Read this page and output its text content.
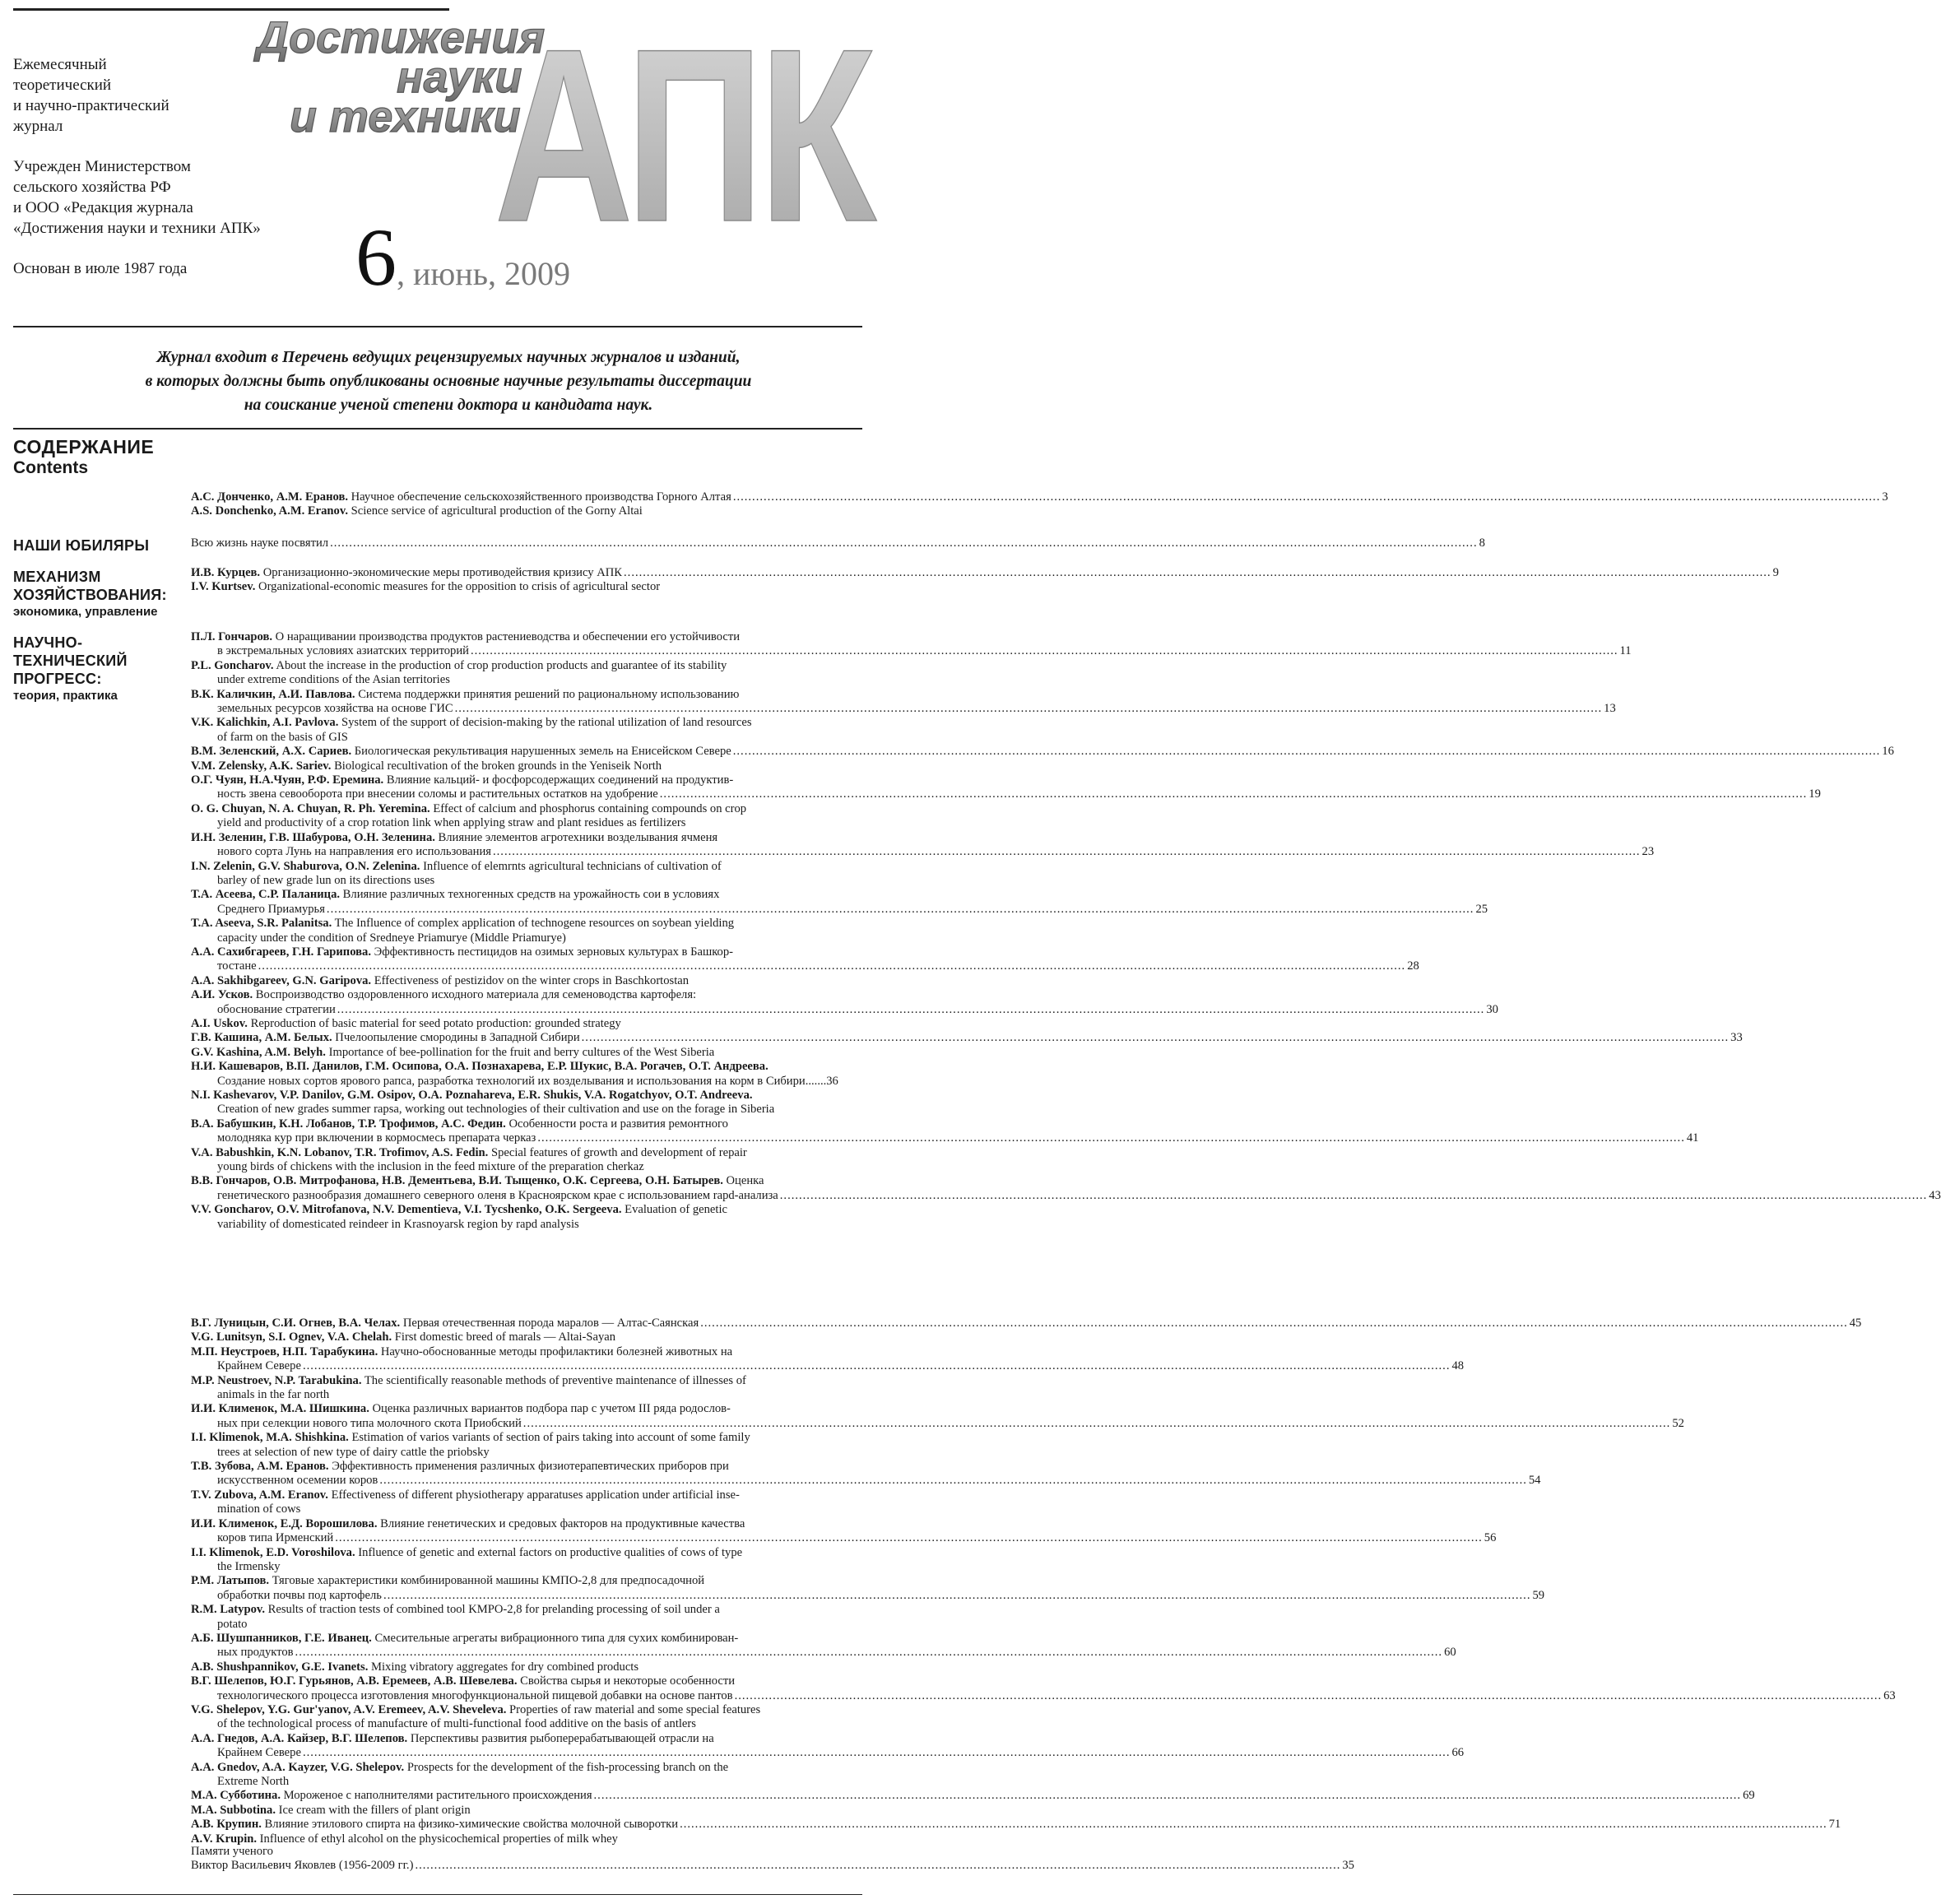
Ежемесячный
теоретический
и научно-практический
журнал

Учрежден Министерством
сельского хозяйства РФ
и ООО «Редакция журнала
«Достижения науки и техники АПК»

Основан в июле 1987 года	АПК
Достижения
науки
и техники
6, июнь, 2009
Журнал входит в Перечень ведущих рецензируемых научных журналов и изданий,
в которых должны быть опубликованы основные научные результаты диссертации
на соискание ученой степени доктора и кандидата наук.
СОДЕРЖАНИЕ
Contents
НАШИ ЮБИЛЯРЫ
МЕХАНИЗМ
ХОЗЯЙСТВОВАНИЯ:
экономика, управление
НАУЧНО-
ТЕХНИЧЕСКИЙ
ПРОГРЕСС:
теория, практика
А.С. Донченко, А.М. Еранов. Научное обеспечение сельскохозяйственного производства Горного Алтая ............................................................................................................................................................................................................................................................................................................ 3
A.S. Donchenko, A.M. Eranov. Science service of agricultural production of the Gorny Altai
Всю жизнь науке посвятил ............................................................................................................................................................................................................................................................................................................ 8
И.В. Курцев. Организационно-экономические меры противодействия кризису АПК ............................................................................................................................................................................................................................................................................................................ 9
I.V. Kurtsev. Organizational-economic measures for the opposition to crisis of agricultural sector
П.Л. Гончаров. О наращивании производства продуктов растениеводства и обеспечении его устойчивости
в экстремальных условиях азиатских территорий ............................................................................................................................................................................................................................................................................................................ 11
P.L. Goncharov. About the increase in the production of crop production products and guarantee of its stability
under extreme conditions of the Asian territories
В.К. Каличкин, А.И. Павлова. Система поддержки принятия решений по рациональному использованию
земельных ресурсов хозяйства на основе ГИС ............................................................................................................................................................................................................................................................................................................ 13
V.K. Kalichkin, A.I. Pavlova. System of the support of decision-making by the rational utilization of land resources
of farm on the basis of GIS
В.М. Зеленский, А.Х. Сариев. Биологическая рекультивация нарушенных земель на Енисейском Севере ............................................................................................................................................................................................................................................................................................................ 16
V.M. Zelensky, A.K. Sariev. Biological recultivation of the broken grounds in the Yeniseik North
О.Г. Чуян, Н.А.Чуян, Р.Ф. Еремина. Влияние кальций- и фосфорсодержащих соединений на продуктив-
ность звена севооборота при внесении соломы и растительных остатков на удобрение ............................................................................................................................................................................................................................................................................................................ 19
O. G. Chuyan, N. A. Chuyan, R. Ph. Yeremina. Effect of calcium and phosphorus containing compounds on crop
yield and productivity of a crop rotation link when applying straw and plant residues as fertilizers
И.Н. Зеленин, Г.В. Шабурова, О.Н. Зеленина. Влияние элементов агротехники возделывания ячменя
нового сорта Лунь на направления его использования ............................................................................................................................................................................................................................................................................................................ 23
I.N. Zelenin, G.V. Shaburova, O.N. Zelenina. Influence of elemrnts agricultural technicians of cultivation of
barley of new grade lun on its directions uses
Т.А. Асеева, С.Р. Паланица. Влияние различных техногенных средств на урожайность сои в условиях
Среднего Приамурья ............................................................................................................................................................................................................................................................................................................ 25
T.A. Aseeva, S.R. Palanitsa. The Influence of complex application of technogene resources on soybean yielding
capacity under the condition of Sredneye Priamurye (Middle Priamurye)
А.А. Сахибгареев, Г.Н. Гарипова. Эффективность пестицидов на озимых зерновых культурах в Башкор-
тостане ............................................................................................................................................................................................................................................................................................................ 28
A.A. Sakhibgareev, G.N. Garipova. Effectiveness of pestizidov on the winter crops in Baschkortostan
А.И. Усков. Воспроизводство оздоровленного исходного материала для семеноводства картофеля:
обоснование стратегии ............................................................................................................................................................................................................................................................................................................ 30
A.I. Uskov. Reproduction of basic material for seed potato production: grounded strategy
Г.В. Кашина, А.М. Белых. Пчелоопыление смородины в Западной Сибири ............................................................................................................................................................................................................................................................................................................ 33
G.V. Kashina, A.M. Belyh. Importance of bee-pollination for the fruit and berry cultures of the West Siberia
Н.И. Кашеваров, В.П. Данилов, Г.М. Осипова, О.А. Познахарева, Е.Р. Шукис, В.А. Рогачев, О.Т. Андреева.
Создание новых сортов ярового рапса, разработка технологий их возделывания и использования на корм в Сибири.......36
N.I. Kashevarov, V.P. Danilov, G.M. Osipov, O.A. Poznahareva, E.R. Shukis, V.A. Rogatchyov, O.T. Andreeva.
Creation of new grades summer rapsa, working out technologies of their cultivation and use on the forage in Siberia
В.А. Бабушкин, К.Н. Лобанов, Т.Р. Трофимов, А.С. Федин. Особенности роста и развития ремонтного
молодняка кур при включении в кормосмесь препарата черказ ............................................................................................................................................................................................................................................................................................................ 41
V.A. Babushkin, K.N. Lobanov, T.R. Trofimov, A.S. Fedin. Special features of growth and development of repair
young birds of chickens with the inclusion in the feed mixture of the preparation cherkaz
В.В. Гончаров, О.В. Митрофанова, Н.В. Дементьева, В.И. Тыщенко, О.К. Сергеева, О.Н. Батырев. Оценка
генетического разнообразия домашнего северного оленя в Красноярском крае с использованием rapd-анализа ............................................................................................................................................................................................................................................................................................................ 43
V.V. Goncharov, O.V. Mitrofanova, N.V. Dementieva, V.I. Tycshenko, O.K. Sergeeva. Evaluation of genetic
variability of domesticated reindeer in Krasnoyarsk region by rapd analysis
В.Г. Луницын, С.И. Огнев, В.А. Челах. Первая отечественная порода маралов — Алтас-Саянская ............................................................................................................................................................................................................................................................................................................ 45
V.G. Lunitsyn, S.I. Ognev, V.A. Chelah. First domestic breed of marals — Altai-Sayan
М.П. Неустроев, Н.П. Тарабукина. Научно-обоснованные методы профилактики болезней животных на
Крайнем Севере ............................................................................................................................................................................................................................................................................................................ 48
M.P. Neustroev, N.P. Tarabukina. The scientifically reasonable methods of preventive maintenance of illnesses of
animals in the far north
И.И. Клименок, М.А. Шишкина. Оценка различных вариантов подбора пар с учетом III ряда родослов-
ных при селекции нового типа молочного скота Приобский ............................................................................................................................................................................................................................................................................................................ 52
I.I. Klimenok, M.A. Shishkina. Estimation of varios variants of section of pairs taking into account of some family
trees at selection of new type of dairy cattle the priobsky
Т.В. Зубова, А.М. Еранов. Эффективность применения различных физиотерапевтических приборов при
искусственном осемении коров ............................................................................................................................................................................................................................................................................................................ 54
T.V. Zubova, A.M. Eranov. Effectiveness of different physiotherapy apparatuses application under artificial inse-
mination of cows
И.И. Клименок, Е.Д. Ворошилова. Влияние генетических и средовых факторов на продуктивные качества
коров типа Ирменский ............................................................................................................................................................................................................................................................................................................ 56
I.I. Klimenok, E.D. Voroshilova. Influence of genetic and external factors on productive qualities of cows of type
the Irmensky
Р.М. Латыпов. Тяговые характеристики комбинированной машины КМПО-2,8 для предпосадочной
обработки почвы под картофель ............................................................................................................................................................................................................................................................................................................ 59
R.M. Latypov. Results of traction tests of combined tool KMPO-2,8 for prelanding processing of soil under a
potato
А.Б. Шушпанников, Г.Е. Иванец. Смесительные агрегаты вибрационного типа для сухих комбинирован-
ных продуктов ............................................................................................................................................................................................................................................................................................................ 60
A.B. Shushpannikov, G.E. Ivanets. Mixing vibratory aggregates for dry combined products
В.Г. Шелепов, Ю.Г. Гурьянов, А.В. Еремеев, А.В. Шевелева. Свойства сырья и некоторые особенности
технологического процесса изготовления многофункциональной пищевой добавки на основе пантов ............................................................................................................................................................................................................................................................................................................ 63
V.G. Shelepov, Y.G. Gur'yanov, A.V. Eremeev, A.V. Sheveleva. Properties of raw material and some special features
of the technological process of manufacture of multi-functional food additive on the basis of antlers
А.А. Гнедов, А.А. Кайзер, В.Г. Шелепов. Перспективы развития рыбоперерабатывающей отрасли на
Крайнем Севере ............................................................................................................................................................................................................................................................................................................ 66
A.A. Gnedov, A.A. Kayzer, V.G. Shelepov. Prospects for the development of the fish-processing branch on the
Extreme North
М.А. Субботина. Мороженое с наполнителями растительного происхождения ............................................................................................................................................................................................................................................................................................................ 69
M.A. Subbotina. Ice cream with the fillers of plant origin
А.В. Крупин. Влияние этилового спирта на физико-химические свойства молочной сыворотки ............................................................................................................................................................................................................................................................................................................ 71
A.V. Krupin. Influence of ethyl alcohol on the physicochemical properties of milk whey
Памяти ученого
Виктор Васильевич Яковлев (1956-2009 гг.) .................................................................................................................................................................................................................................................. 35
